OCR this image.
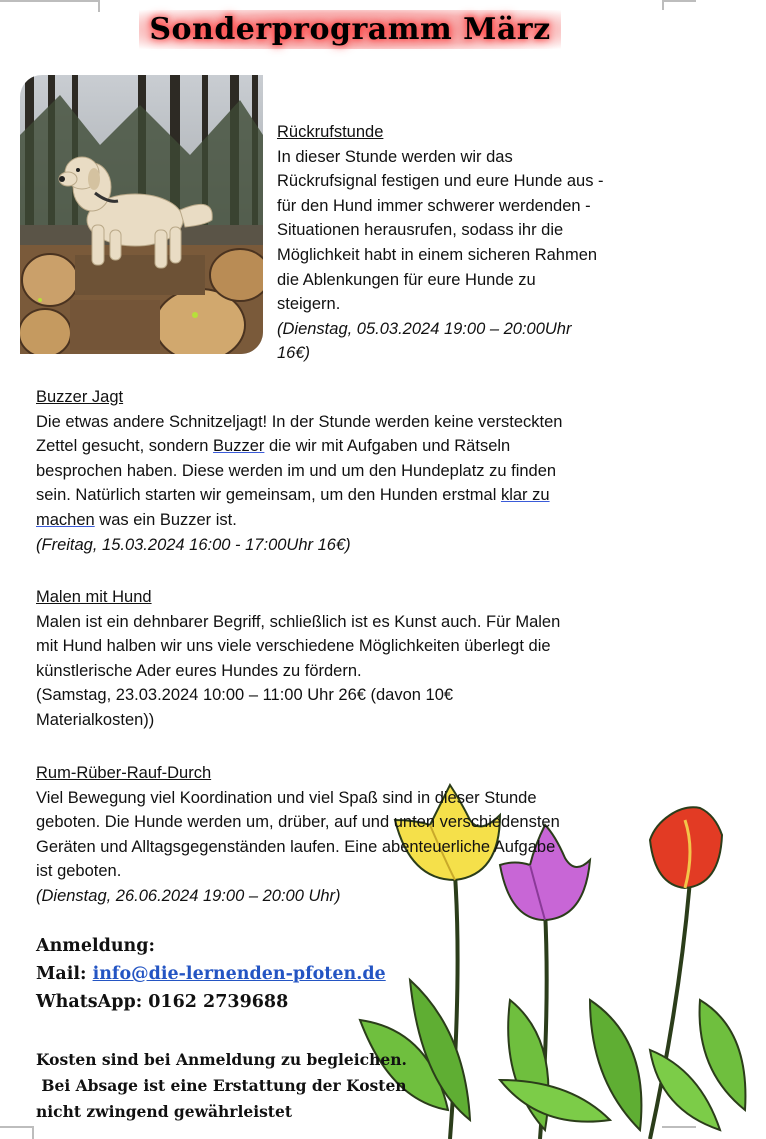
Sonderprogramm März
Rückrufstunde
In dieser Stunde werden wir das
Rückrufsignal festigen und eure Hunde aus -
für den Hund immer schwerer werdenden -
Situationen herausrufen, sodass ihr die
Möglichkeit habt in einem sicheren Rahmen
die Ablenkungen für eure Hunde zu
steigern.
(Dienstag, 05.03.2024 19:00 – 20:00Uhr
16€)
Buzzer Jagt
Die etwas andere Schnitzeljagt! In der Stunde werden keine versteckten
Zettel gesucht, sondern Buzzer die wir mit Aufgaben und Rätseln
besprochen haben. Diese werden im und um den Hundeplatz zu finden
sein. Natürlich starten wir gemeinsam, um den Hunden erstmal klar zu
machen was ein Buzzer ist.
(Freitag, 15.03.2024 16:00 - 17:00Uhr 16€)
Malen mit Hund
Malen ist ein dehnbarer Begriff, schließlich ist es Kunst auch. Für Malen
mit Hund halben wir uns viele verschiedene Möglichkeiten überlegt die
künstlerische Ader eures Hundes zu fördern.
(Samstag, 23.03.2024 10:00 – 11:00 Uhr 26€ (davon 10€
Materialkosten))
Rum-Rüber-Rauf-Durch
Viel Bewegung viel Koordination und viel Spaß sind in dieser Stunde
geboten. Die Hunde werden um, drüber, auf und unten verschiedensten
Geräten und Alltagsgegenständen laufen. Eine abenteuerliche Aufgabe
ist geboten.
(Dienstag, 26.06.2024 19:00 – 20:00 Uhr)
Anmeldung:
Mail: info@die-lernenden-pfoten.de
WhatsApp: 0162 2739688
Kosten sind bei Anmeldung zu begleichen.
Bei Absage ist eine Erstattung der Kosten
nicht zwingend gewährleistet
